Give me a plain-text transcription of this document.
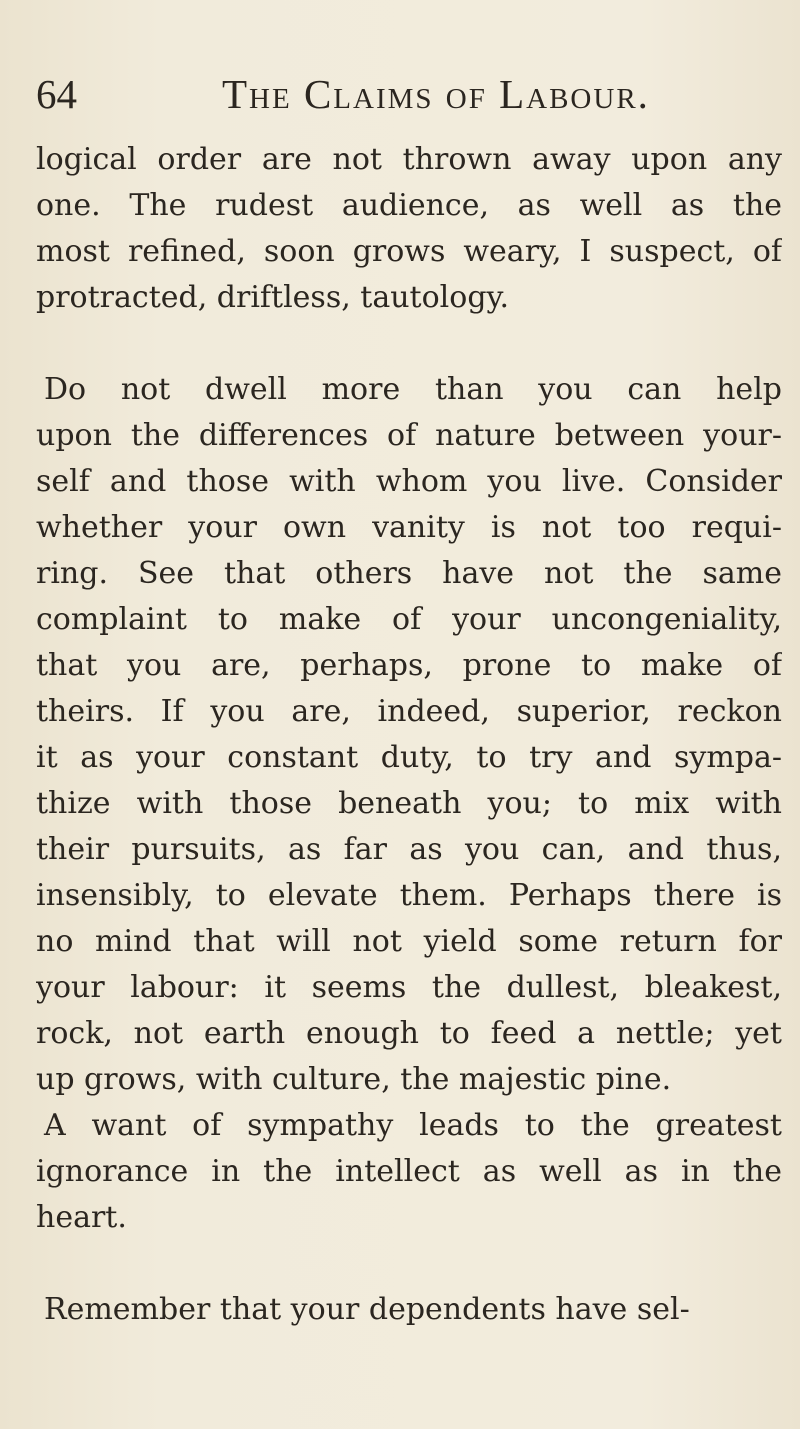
64	The Claims of Labour.
logical order are not thrown away upon any
one. The rudest audience, as well as the
most refined, soon grows weary, I suspect, of
protracted, driftless, tautology.
Do not dwell more than you can help
upon the differences of nature between your-
self and those with whom you live. Consider
whether your own vanity is not too requi-
ring. See that others have not the same
complaint to make of your uncongeniality,
that you are, perhaps, prone to make of
theirs. If you are, indeed, superior, reckon
it as your constant duty, to try and sympa-
thize with those beneath you; to mix with
their pursuits, as far as you can, and thus,
insensibly, to elevate them. Perhaps there is
no mind that will not yield some return for
your labour: it seems the dullest, bleakest,
rock, not earth enough to feed a nettle; yet
up grows, with culture, the majestic pine.
A want of sympathy leads to the greatest
ignorance in the intellect as well as in the
heart.
Remember that your dependents have sel-
